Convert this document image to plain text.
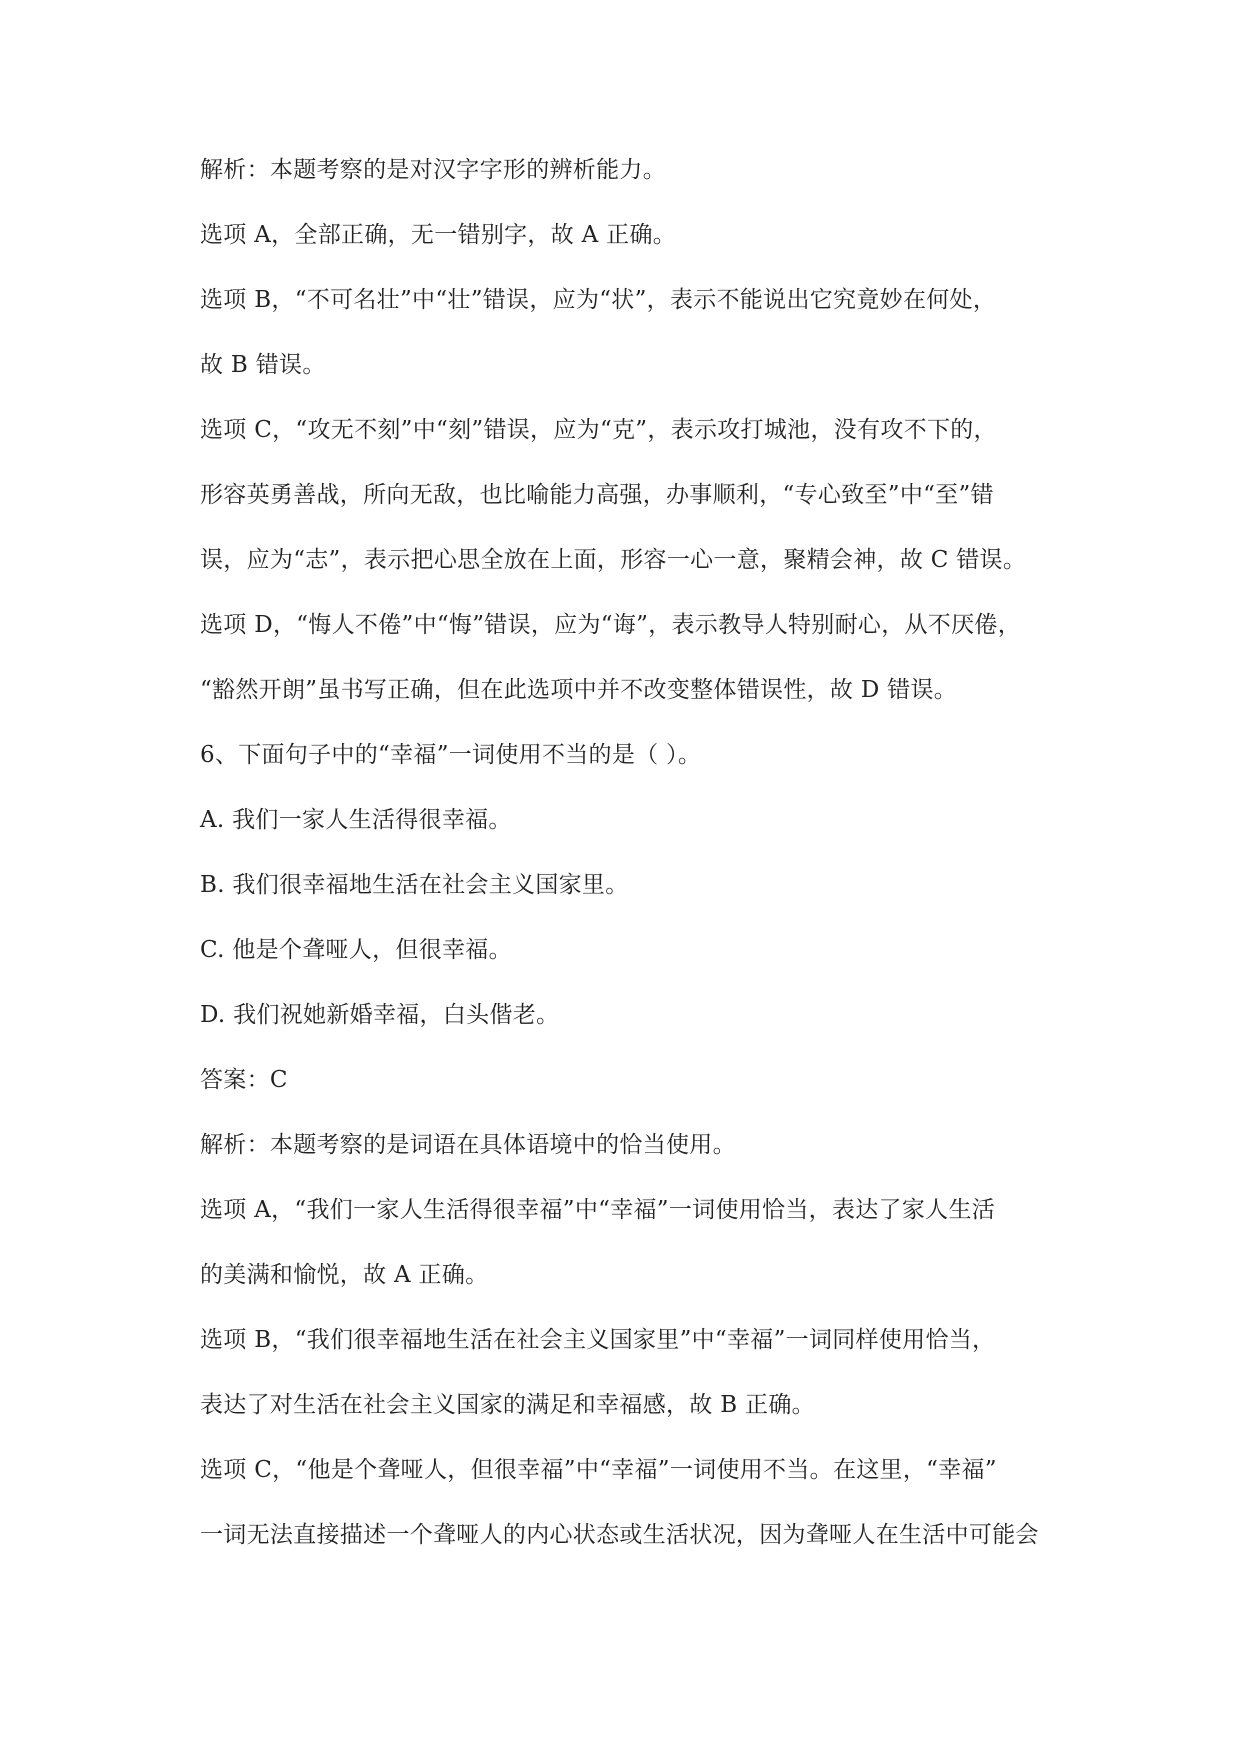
解析：本题考察的是对汉字字形的辨析能力。
选项 A，全部正确，无一错别字，故 A 正确。
选项 B，“不可名壮”中“壮”错误，应为“状”，表示不能说出它究竟妙在何处，
故 B 错误。
选项 C，“攻无不刻”中“刻”错误，应为“克”，表示攻打城池，没有攻不下的，
形容英勇善战，所向无敌，也比喻能力高强，办事顺利，“专心致至”中“至”错
误，应为“志”，表示把心思全放在上面，形容一心一意，聚精会神，故 C 错误。
选项 D，“悔人不倦”中“悔”错误，应为“诲”，表示教导人特别耐心，从不厌倦，
“豁然开朗”虽书写正确，但在此选项中并不改变整体错误性，故 D 错误。
6、下面句子中的“幸福”一词使用不当的是（ ）。
A. 我们一家人生活得很幸福。
B. 我们很幸福地生活在社会主义国家里。
C. 他是个聋哑人，但很幸福。
D. 我们祝她新婚幸福，白头偕老。
答案：C
解析：本题考察的是词语在具体语境中的恰当使用。
选项 A，“我们一家人生活得很幸福”中“幸福”一词使用恰当，表达了家人生活
的美满和愉悦，故 A 正确。
选项 B，“我们很幸福地生活在社会主义国家里”中“幸福”一词同样使用恰当，
表达了对生活在社会主义国家的满足和幸福感，故 B 正确。
选项 C，“他是个聋哑人，但很幸福”中“幸福”一词使用不当。在这里，“幸福”
一词无法直接描述一个聋哑人的内心状态或生活状况，因为聋哑人在生活中可能会
